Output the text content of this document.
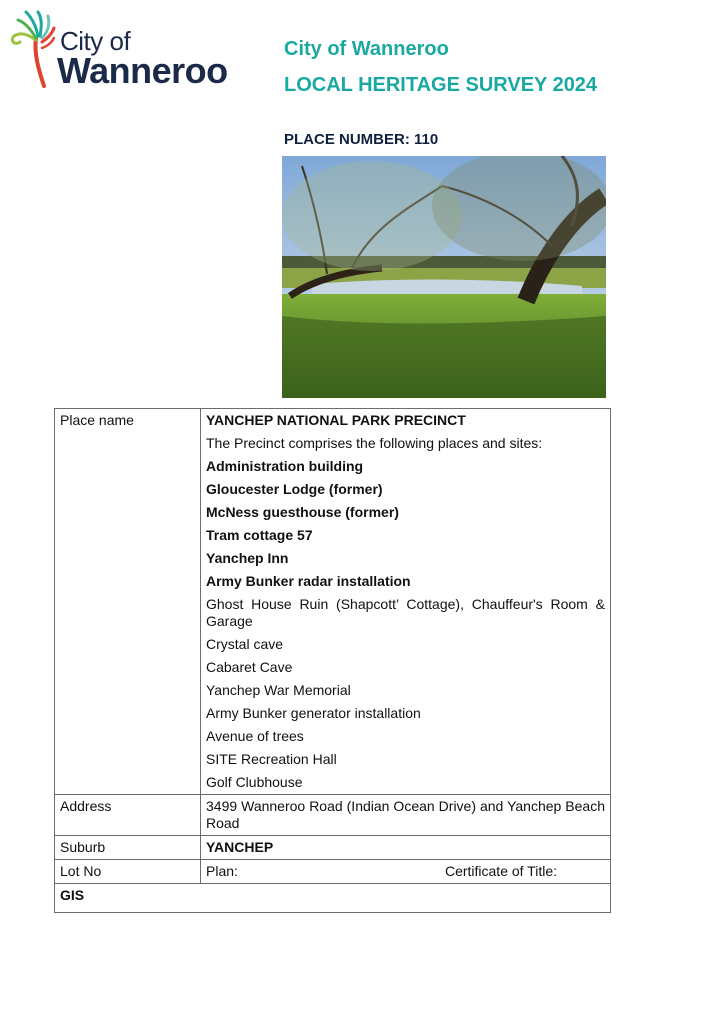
City of
Wanneroo
City of Wanneroo
LOCAL HERITAGE SURVEY 2024
PLACE NUMBER: 110
Place name	YANCHEP NATIONAL PARK PRECINCT
The Precinct comprises the following places and sites:
Administration building
Gloucester Lodge (former)
McNess guesthouse (former)
Tram cottage 57
Yanchep Inn
Army Bunker radar installation
Ghost House Ruin (Shapcott’ Cottage), Chauffeur's Room & Garage
Crystal cave
Cabaret Cave
Yanchep War Memorial
Army Bunker generator installation
Avenue of trees
SITE Recreation Hall
Golf Clubhouse

Address	3499 Wanneroo Road (Indian Ocean Drive) and Yanchep Beach Road
Suburb	YANCHEP
Lot No	Plan: Certificate of Title:

GIS	
